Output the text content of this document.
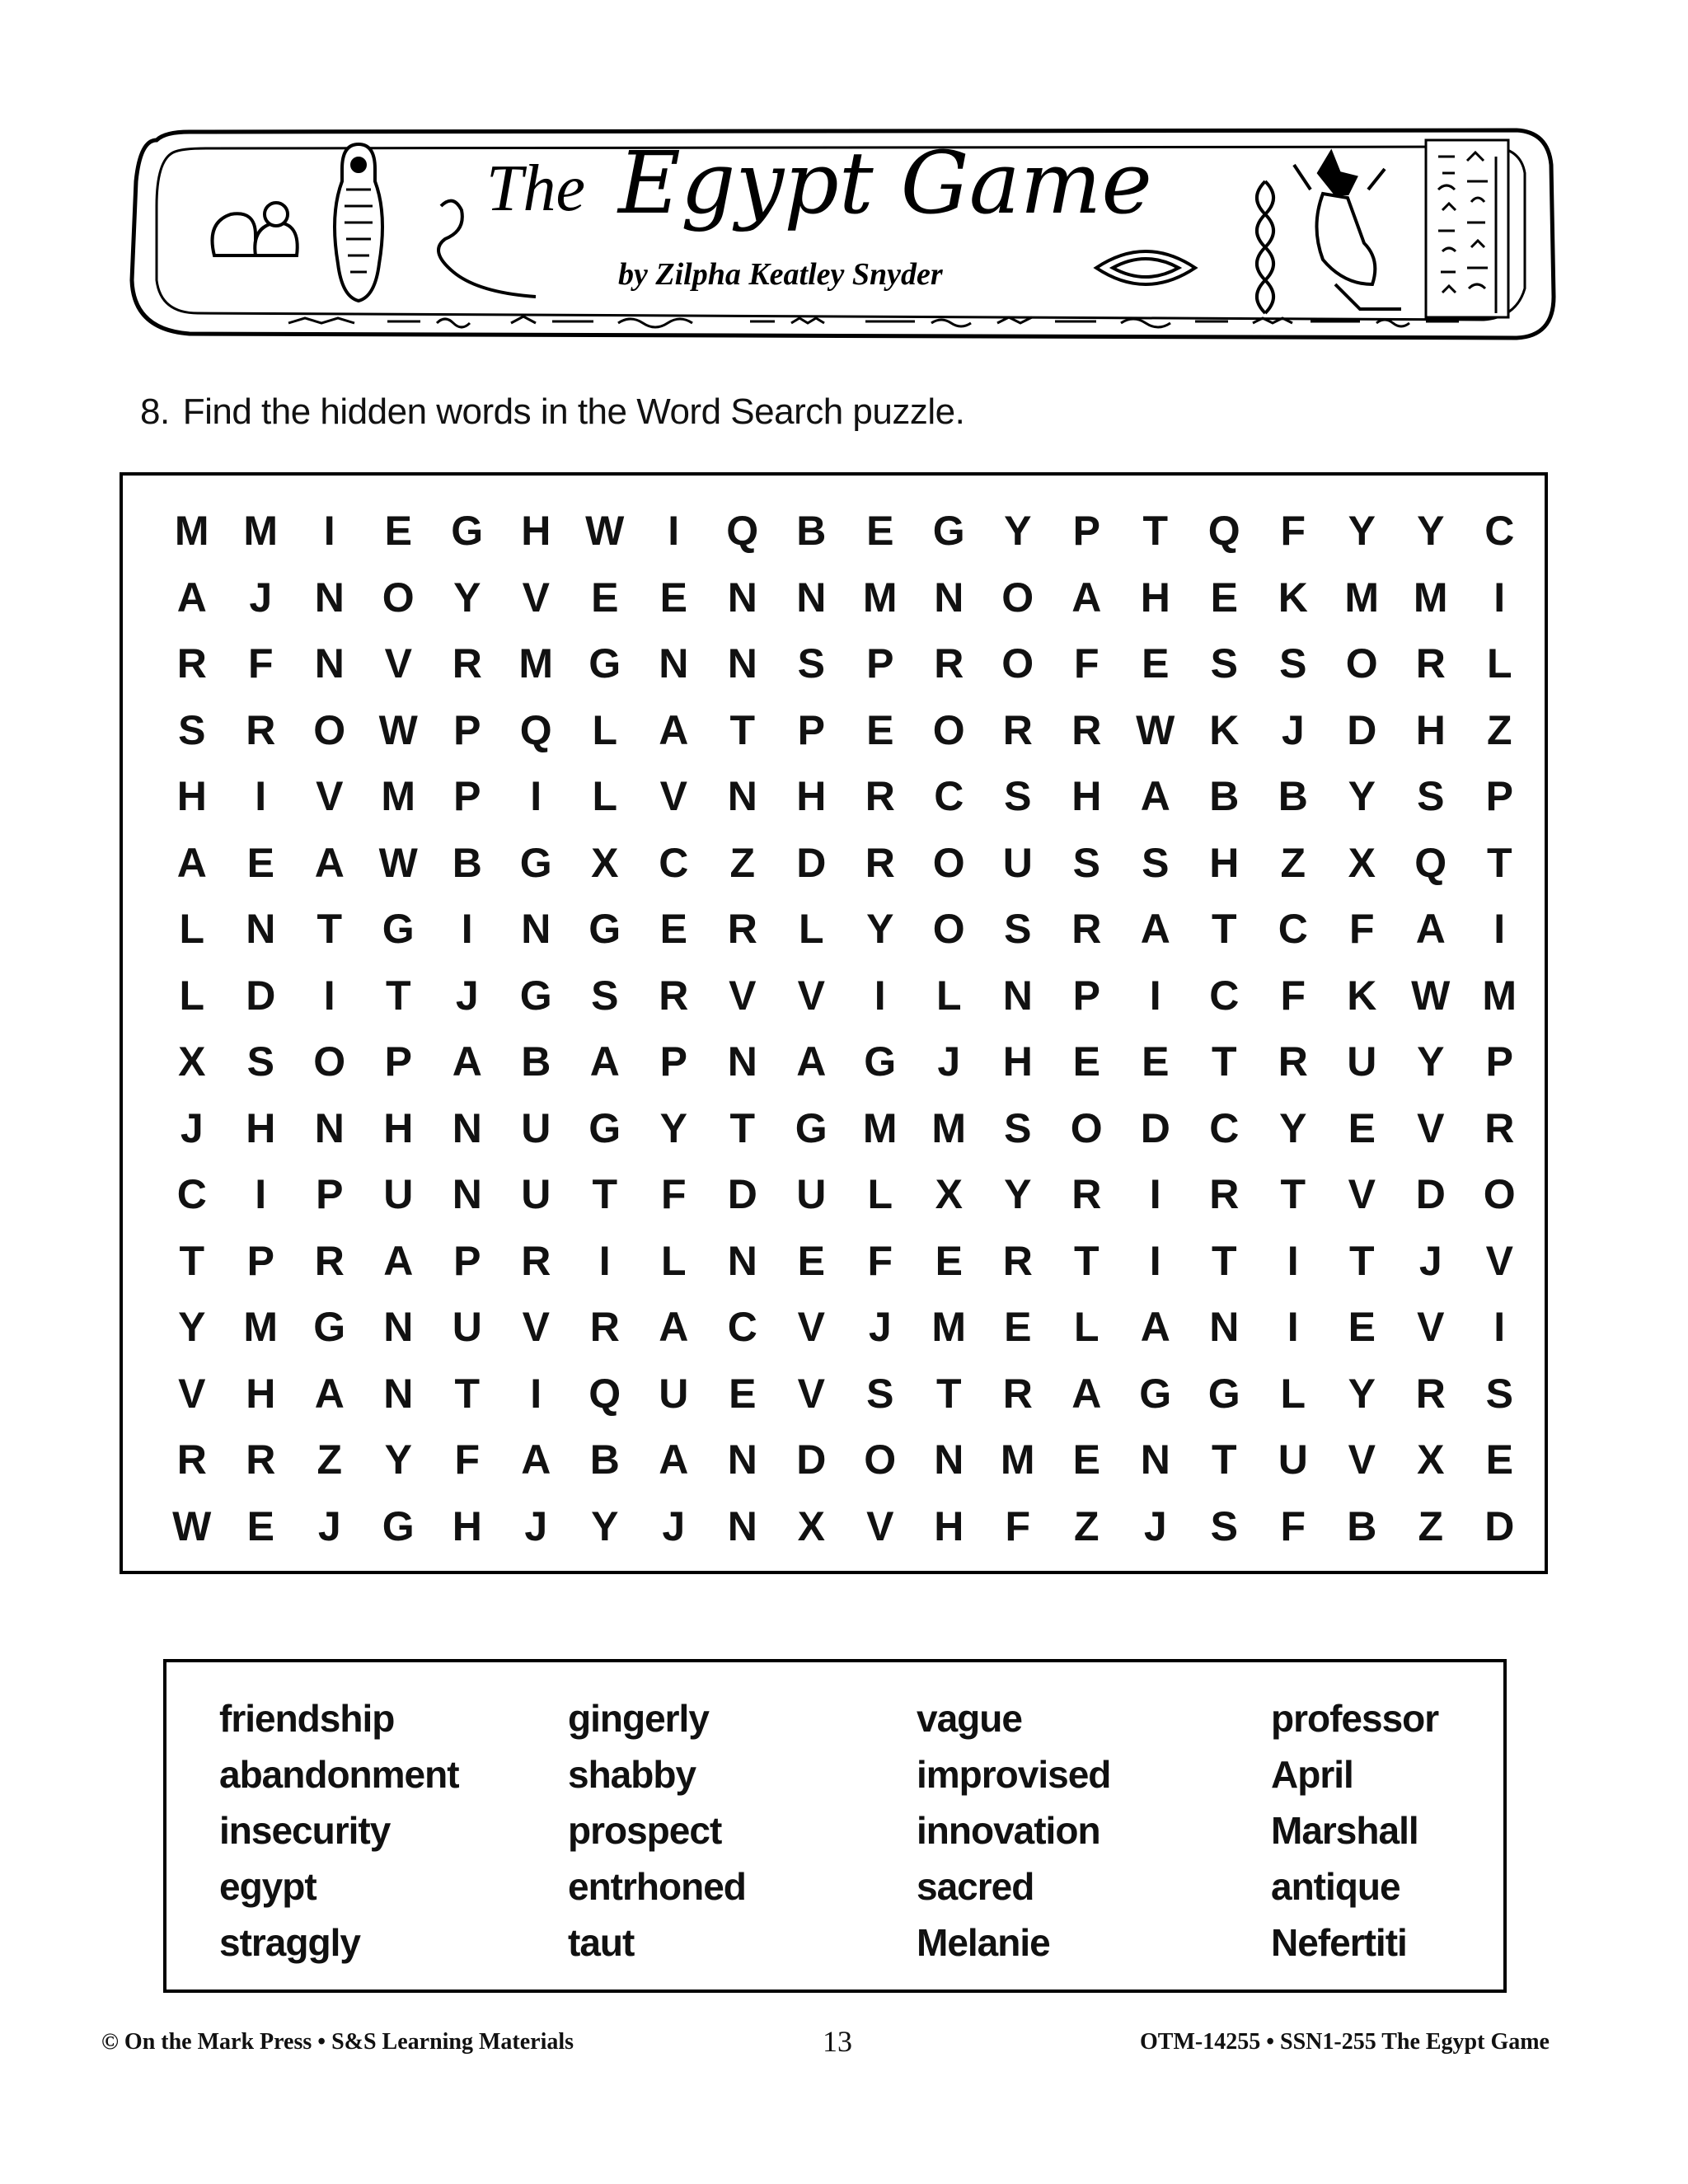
The Egypt Game
by Zilpha Keatley Snyder
8. Find the hidden words in the Word Search puzzle.
M M	I	E G H W	I	Q B E G Y	P	T Q F	Y	Y C
A	J	N O Y	V	E	E N N M N O A H E K M M	I
R	F	N V R M G N N S	P R O F	E	S	S O R	L
S R O W P Q L	A	T	P	E O R R W K	J	D H	Z
H	I	V M P	I	L	V N H R C S H A B B Y	S	P
A E A W B G X C	Z	D R O U S	S H	Z	X Q T
L	N	T G	I	N G E R	L	Y O S R A	T	C	F	A	I
L	D	I	T	J	G S R V	V	I	L	N P	I	C	F	K W M
X	S O P A B A P N A G	J	H E	E	T	R U Y	P
J	H N H N U G Y	T G M M S O D C Y	E	V R
C	I	P U N U	T	F	D U	L	X	Y R	I	R	T	V D O
T	P R A P R	I	L	N E	F	E R	T	I	T	I	T	J	V
Y M G N U V R A C V	J M E	L	A N	I	E	V	I
V H A N	T	I	Q U E	V	S	T	R A G G L	Y R S
R R	Z	Y	F	A B A N D O N M E N	T	U V	X	E
W E	J	G H	J	Y	J	N X	V H	F	Z	J	S	F	B	Z	D
friendship
abandonment
insecurity
egypt
straggly
gingerly
shabby
prospect
entrhoned
taut
vague
improvised
innovation
sacred
Melanie
professor
April
Marshall
antique
Nefertiti
© On the Mark Press • S&S Learning Materials	13	OTM-14255 • SSN1-255 The Egypt Game
